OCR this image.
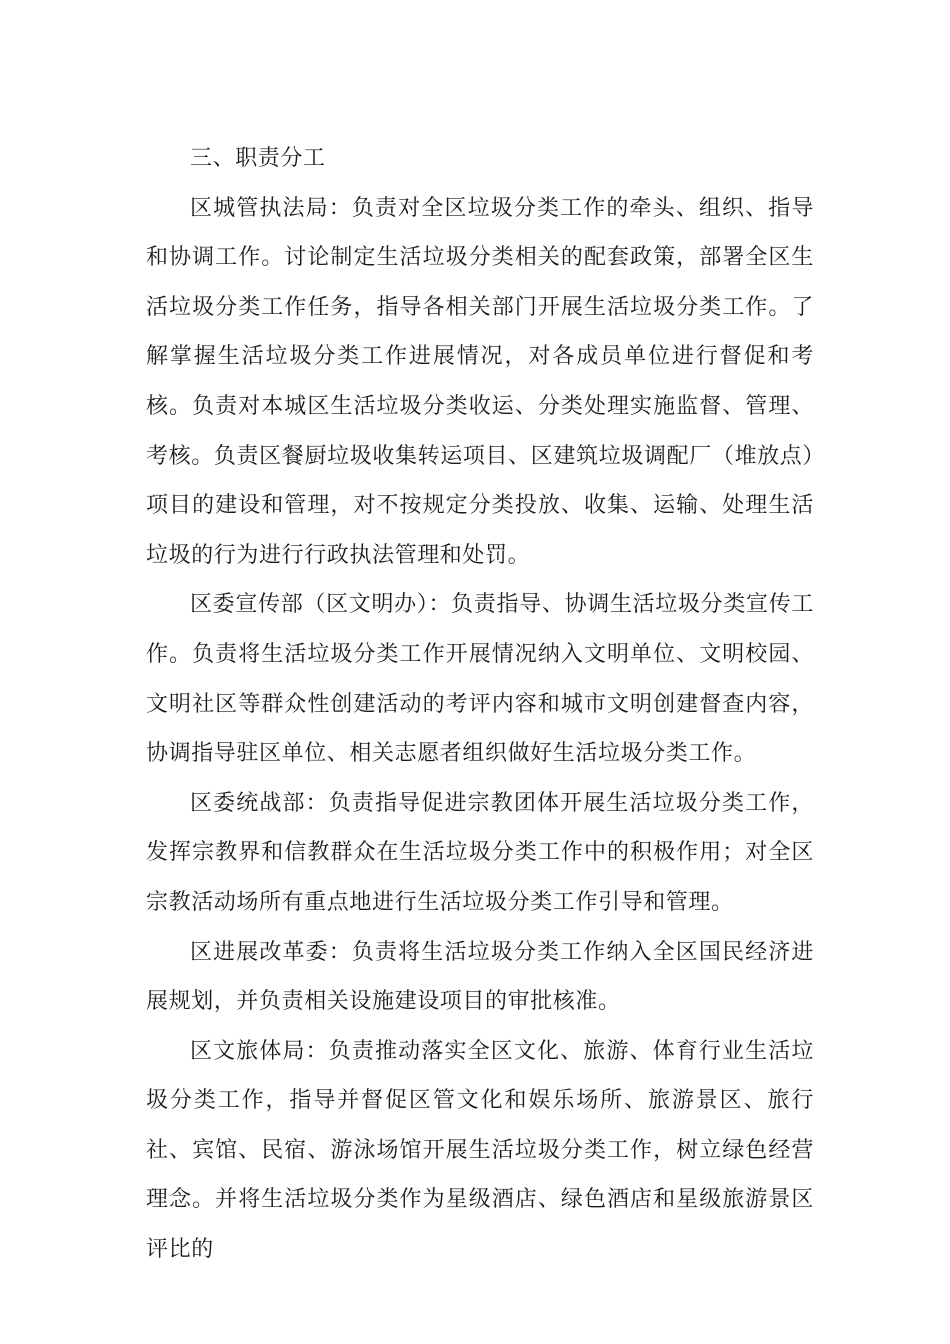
三、职责分工

区城管执法局：负责对全区垃圾分类工作的牵头、组织、指导和协调工作。讨论制定生活垃圾分类相关的配套政策，部署全区生活垃圾分类工作任务，指导各相关部门开展生活垃圾分类工作。了解掌握生活垃圾分类工作进展情况，对各成员单位进行督促和考核。负责对本城区生活垃圾分类收运、分类处理实施监督、管理、考核。负责区餐厨垃圾收集转运项目、区建筑垃圾调配厂（堆放点）项目的建设和管理，对不按规定分类投放、收集、运输、处理生活垃圾的行为进行行政执法管理和处罚。

区委宣传部（区文明办）：负责指导、协调生活垃圾分类宣传工作。负责将生活垃圾分类工作开展情况纳入文明单位、文明校园、文明社区等群众性创建活动的考评内容和城市文明创建督查内容，协调指导驻区单位、相关志愿者组织做好生活垃圾分类工作。

区委统战部：负责指导促进宗教团体开展生活垃圾分类工作，发挥宗教界和信教群众在生活垃圾分类工作中的积极作用；对全区宗教活动场所有重点地进行生活垃圾分类工作引导和管理。

区进展改革委：负责将生活垃圾分类工作纳入全区国民经济进展规划，并负责相关设施建设项目的审批核准。

区文旅体局：负责推动落实全区文化、旅游、体育行业生活垃圾分类工作，指导并督促区管文化和娱乐场所、旅游景区、旅行社、宾馆、民宿、游泳场馆开展生活垃圾分类工作，树立绿色经营理念。并将生活垃圾分类作为星级酒店、绿色酒店和星级旅游景区评比的
